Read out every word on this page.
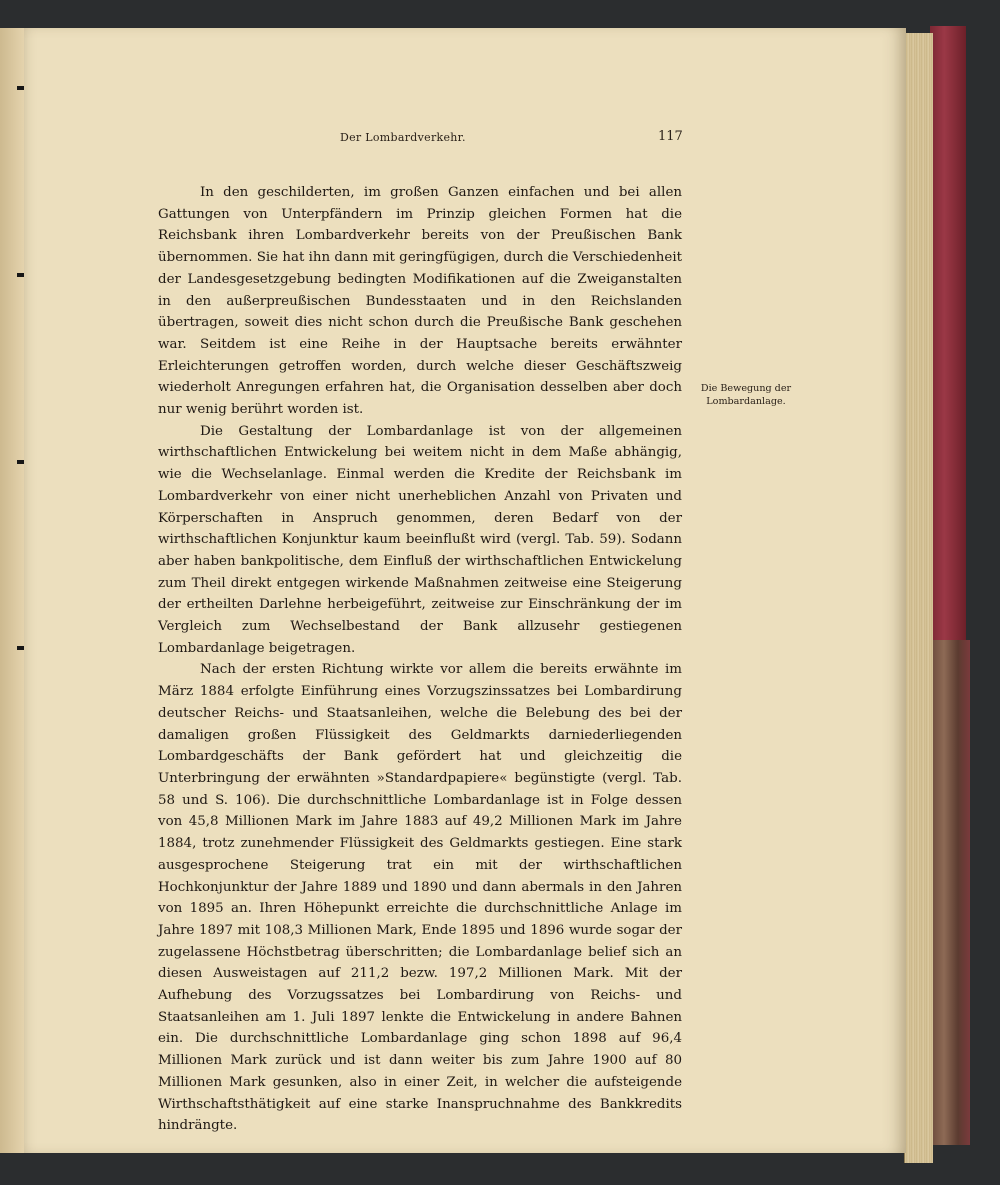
Der Lombardverkehr.	117

In den geschilderten, im großen Ganzen einfachen und bei allen Gattungen von Unterpfändern im Prinzip gleichen Formen hat die Reichsbank ihren Lombardverkehr bereits von der Preußischen Bank übernommen. Sie hat ihn dann mit geringfügigen, durch die Verschiedenheit der Landesgesetzgebung bedingten Modifikationen auf die Zweiganstalten in den außerpreußischen Bundesstaaten und in den Reichslanden übertragen, soweit dies nicht schon durch die Preußische Bank geschehen war. Seitdem ist eine Reihe in der Hauptsache bereits erwähnter Erleichterungen getroffen worden, durch welche dieser Geschäftszweig wiederholt Anregungen erfahren hat, die Organisation desselben aber doch nur wenig berührt worden ist.

Die Gestaltung der Lombardanlage ist von der allgemeinen wirthschaftlichen Entwickelung bei weitem nicht in dem Maße abhängig, wie die Wechselanlage. Einmal werden die Kredite der Reichsbank im Lombardverkehr von einer nicht unerheblichen Anzahl von Privaten und Körperschaften in Anspruch genommen, deren Bedarf von der wirthschaftlichen Konjunktur kaum beeinflußt wird (vergl. Tab. 59). Sodann aber haben bankpolitische, dem Einfluß der wirthschaftlichen Entwickelung zum Theil direkt entgegen wirkende Maßnahmen zeitweise eine Steigerung der ertheilten Darlehne herbeigeführt, zeitweise zur Einschränkung der im Vergleich zum Wechselbestand der Bank allzusehr gestiegenen Lombardanlage beigetragen.

Nach der ersten Richtung wirkte vor allem die bereits erwähnte im März 1884 erfolgte Einführung eines Vorzugszinssatzes bei Lombardirung deutscher Reichs- und Staatsanleihen, welche die Belebung des bei der damaligen großen Flüssigkeit des Geldmarkts darniederliegenden Lombardgeschäfts der Bank gefördert hat und gleichzeitig die Unterbringung der erwähnten »Standardpapiere« begünstigte (vergl. Tab. 58 und S. 106). Die durchschnittliche Lombardanlage ist in Folge dessen von 45,8 Millionen Mark im Jahre 1883 auf 49,2 Millionen Mark im Jahre 1884, trotz zunehmender Flüssigkeit des Geldmarkts gestiegen. Eine stark ausgesprochene Steigerung trat ein mit der wirthschaftlichen Hochkonjunktur der Jahre 1889 und 1890 und dann abermals in den Jahren von 1895 an. Ihren Höhepunkt erreichte die durchschnittliche Anlage im Jahre 1897 mit 108,3 Millionen Mark, Ende 1895 und 1896 wurde sogar der zugelassene Höchstbetrag überschritten; die Lombardanlage belief sich an diesen Ausweistagen auf 211,2 bezw. 197,2 Millionen Mark. Mit der Aufhebung des Vorzugssatzes bei Lombardirung von Reichs- und Staatsanleihen am 1. Juli 1897 lenkte die Entwickelung in andere Bahnen ein. Die durchschnittliche Lombardanlage ging schon 1898 auf 96,4 Millionen Mark zurück und ist dann weiter bis zum Jahre 1900 auf 80 Millionen Mark gesunken, also in einer Zeit, in welcher die aufsteigende Wirthschaftsthätigkeit auf eine starke Inanspruchnahme des Bankkredits hindrängte.

Die Bewegung der Lombardanlage.
